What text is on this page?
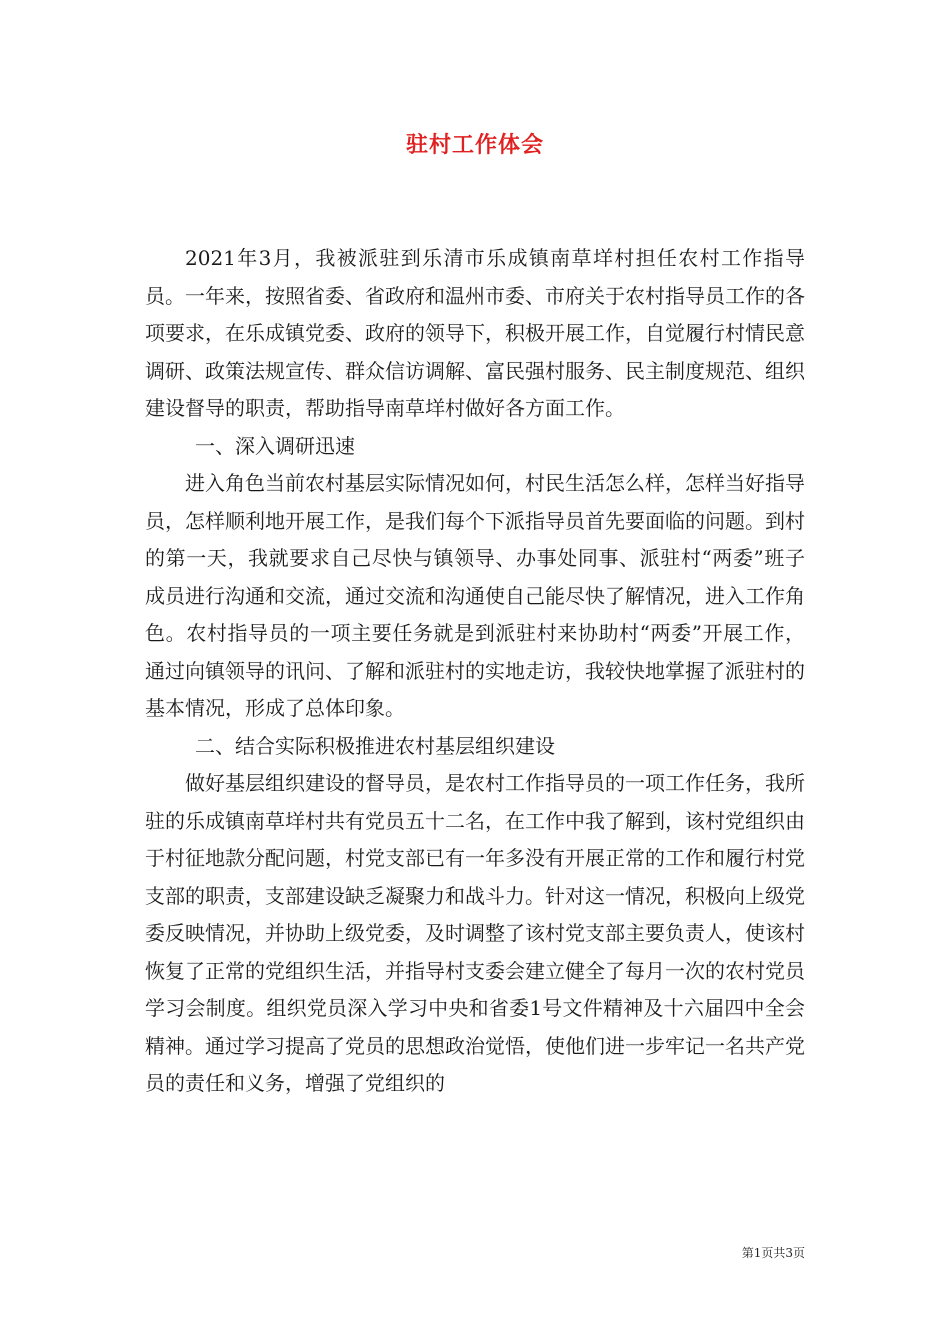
驻村工作体会

2021年3月，我被派驻到乐清市乐成镇南草垟村担任农村工作指导员。一年来，按照省委、省政府和温州市委、市府关于农村指导员工作的各项要求，在乐成镇党委、政府的领导下，积极开展工作，自觉履行村情民意调研、政策法规宣传、群众信访调解、富民强村服务、民主制度规范、组织建设督导的职责，帮助指导南草垟村做好各方面工作。

一、深入调研迅速

进入角色当前农村基层实际情况如何，村民生活怎么样，怎样当好指导员，怎样顺利地开展工作，是我们每个下派指导员首先要面临的问题。到村的第一天，我就要求自己尽快与镇领导、办事处同事、派驻村“两委”班子成员进行沟通和交流，通过交流和沟通使自己能尽快了解情况，进入工作角色。农村指导员的一项主要任务就是到派驻村来协助村“两委”开展工作，通过向镇领导的讯问、了解和派驻村的实地走访，我较快地掌握了派驻村的基本情况，形成了总体印象。

二、结合实际积极推进农村基层组织建设

做好基层组织建设的督导员，是农村工作指导员的一项工作任务，我所驻的乐成镇南草垟村共有党员五十二名，在工作中我了解到，该村党组织由于村征地款分配问题，村党支部已有一年多没有开展正常的工作和履行村党支部的职责，支部建设缺乏凝聚力和战斗力。针对这一情况，积极向上级党委反映情况，并协助上级党委，及时调整了该村党支部主要负责人，使该村恢复了正常的党组织生活，并指导村支委会建立健全了每月一次的农村党员学习会制度。组织党员深入学习中央和省委1号文件精神及十六届四中全会精神。通过学习提高了党员的思想政治觉悟，使他们进一步牢记一名共产党员的责任和义务，增强了党组织的

第1页共3页
